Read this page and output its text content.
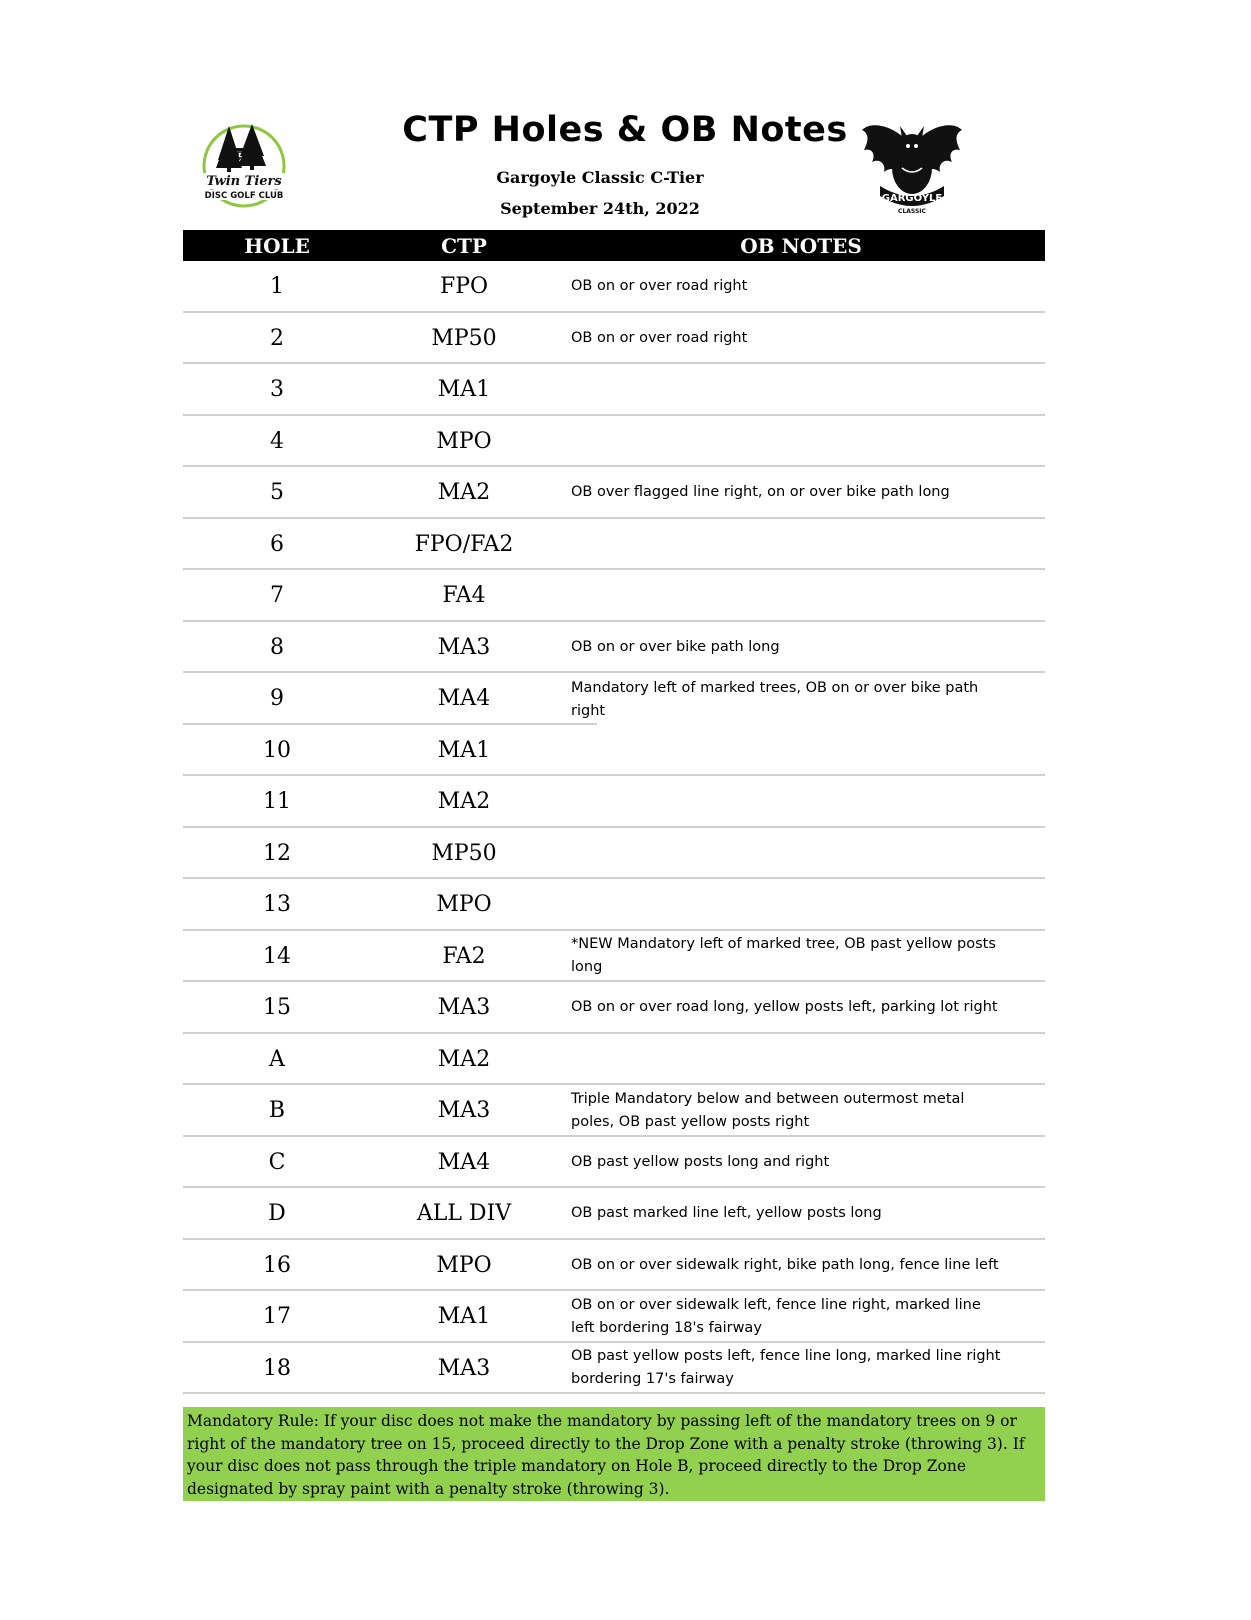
Twin Tiers
DISC GOLF CLUB
CTP Holes & OB Notes
Gargoyle Classic C-Tier
September 24th, 2022
GARGOYLE
CLASSIC
HOLE	CTP	OB NOTES
1	FPO	OB on or over road right
2	MP50	OB on or over road right
3	MA1
4	MPO
5	MA2	OB over flagged line right, on or over bike path long
6	FPO/FA2
7	FA4
8	MA3	OB on or over bike path long
9	MA4	Mandatory left of marked trees, OB on or over bike path right
10	MA1
11	MA2
12	MP50
13	MPO
14	FA2	*NEW Mandatory left of marked tree, OB past yellow posts long
15	MA3	OB on or over road long, yellow posts left, parking lot right
A	MA2
B	MA3	Triple Mandatory below and between outermost metal poles, OB past yellow posts right
C	MA4	OB past yellow posts long and right
D	ALL DIV	OB past marked line left, yellow posts long
16	MPO	OB on or over sidewalk right, bike path long, fence line left
17	MA1	OB on or over sidewalk left, fence line right, marked line left bordering 18's fairway
18	MA3	OB past yellow posts left, fence line long, marked line right bordering 17's fairway
Mandatory Rule: If your disc does not make the mandatory by passing left of the mandatory trees on 9 or right of the mandatory tree on 15, proceed directly to the Drop Zone with a penalty stroke (throwing 3). If your disc does not pass through the triple mandatory on Hole B, proceed directly to the Drop Zone designated by spray paint with a penalty stroke (throwing 3).
